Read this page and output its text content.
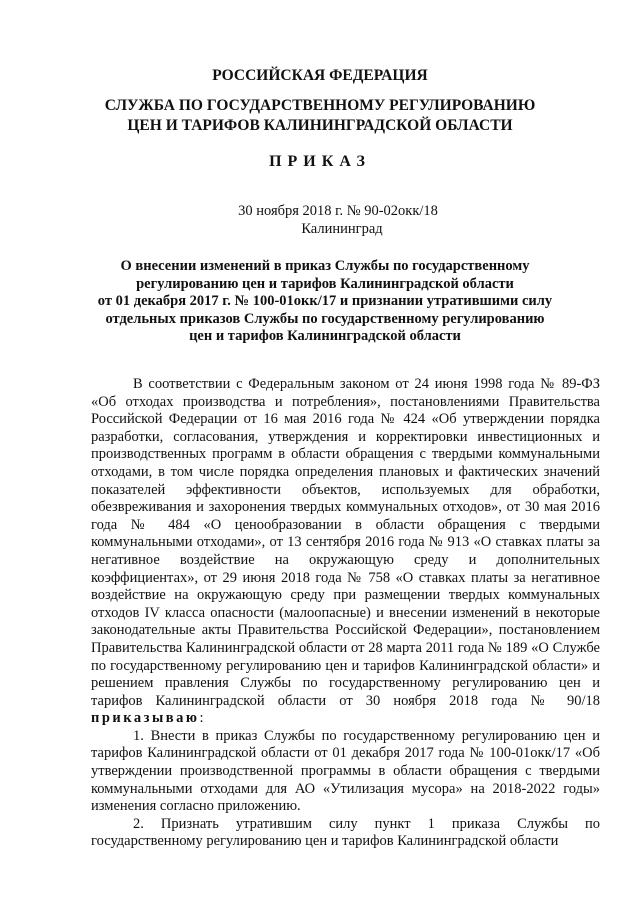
РОССИЙСКАЯ ФЕДЕРАЦИЯ
СЛУЖБА ПО ГОСУДАРСТВЕННОМУ РЕГУЛИРОВАНИЮ
ЦЕН И ТАРИФОВ КАЛИНИНГРАДСКОЙ ОБЛАСТИ
ПРИКАЗ
30 ноября 2018 г. № 90-02окк/18
Калининград
О внесении изменений в приказ Службы по государственному
регулированию цен и тарифов Калининградской области
от 01 декабря 2017 г. № 100-01окк/17 и признании утратившими силу
отдельных приказов Службы по государственному регулированию
цен и тарифов Калининградской области

В соответствии с Федеральным законом от 24 июня 1998 года № 89-ФЗ «Об отходах производства и потребления», постановлениями Правительства Российской Федерации от 16 мая 2016 года № 424 «Об утверждении порядка разработки, согласования, утверждения и корректировки инвестиционных и производственных программ в области обращения с твердыми коммунальными отходами, в том числе порядка определения плановых и фактических значений показателей эффективности объектов, используемых для обработки, обезвреживания и захоронения твердых коммунальных отходов», от 30 мая 2016 года № 484 «О ценообразовании в области обращения с твердыми коммунальными отходами», от 13 сентября 2016 года № 913 «О ставках платы за негативное воздействие на окружающую среду и дополнительных коэффициентах», от 29 июня 2018 года № 758 «О ставках платы за негативное воздействие на окружающую среду при размещении твердых коммунальных отходов IV класса опасности (малоопасные) и внесении изменений в некоторые законодательные акты Правительства Российской Федерации», постановлением Правительства Калининградской области от 28 марта 2011 года № 189 «О Службе по государственному регулированию цен и тарифов Калининградской области» и решением правления Службы по государственному регулированию цен и тарифов Калининградской области от 30 ноября 2018 года № 90/18 приказываю:

1. Внести в приказ Службы по государственному регулированию цен и тарифов Калининградской области от 01 декабря 2017 года № 100-01окк/17 «Об утверждении производственной программы в области обращения с твердыми коммунальными отходами для АО «Утилизация мусора» на 2018-2022 годы» изменения согласно приложению.

2. Признать утратившим силу пункт 1 приказа Службы по государственному регулированию цен и тарифов Калининградской области
